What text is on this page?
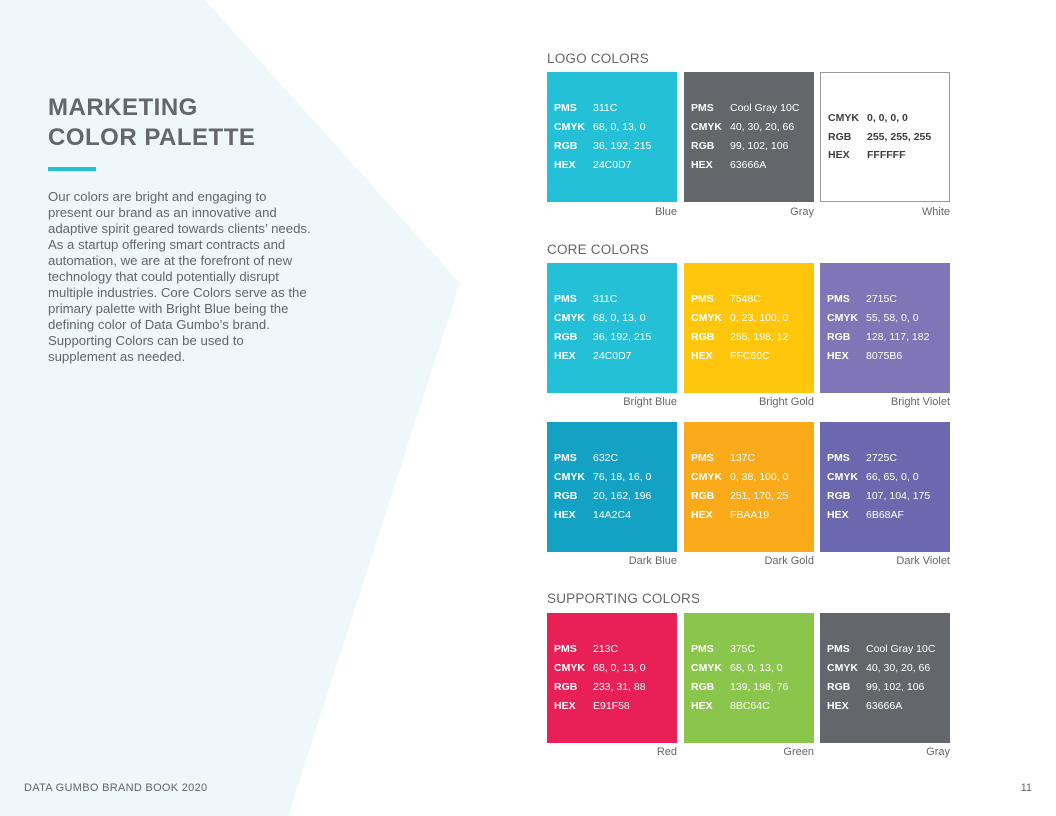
MARKETING
COLOR PALETTE

Our colors are bright and engaging to present our brand as an innovative and adaptive spirit geared towards clients’ needs. As a startup offering smart contracts and automation, we are at the forefront of new technology that could potentially disrupt multiple industries. Core Colors serve as the primary palette with Bright Blue being the defining color of Data Gumbo’s brand. Supporting Colors can be used to supplement as needed.

LOGO COLORS
PMS	311C
CMYK 68, 0, 13, 0
RGB	36, 192, 215
HEX	24C0D7
Blue
PMS	Cool Gray 10C
CMYK 40, 30, 20, 66
RGB	99, 102, 106
HEX	63666A
Gray
CMYK 0, 0, 0, 0
RGB	255, 255, 255
HEX	FFFFFF
White
CORE COLORS
PMS	311C
CMYK 68, 0, 13, 0
RGB	36, 192, 215
HEX	24C0D7
Bright Blue
PMS	7548C
CMYK 0, 23, 100, 0
RGB	255, 198, 12
HEX	FFC60C
Bright Gold
PMS	2715C
CMYK 55, 58, 0, 0
RGB	128, 117, 182
HEX	8075B6
Bright Violet
PMS	632C
CMYK 76, 18, 16, 0
RGB	20, 162, 196
HEX	14A2C4
Dark Blue
PMS	137C
CMYK 0, 38, 100, 0
RGB	251, 170, 25
HEX	FBAA19
Dark Gold
PMS	2725C
CMYK 66, 65, 0, 0
RGB	107, 104, 175
HEX	6B68AF
Dark Violet
SUPPORTING COLORS
PMS	213C
CMYK 68, 0, 13, 0
RGB	233, 31, 88
HEX	E91F58
Red
PMS	375C
CMYK 68, 0, 13, 0
RGB	139, 198, 76
HEX	8BC64C
Green
PMS	Cool Gray 10C
CMYK 40, 30, 20, 66
RGB	99, 102, 106
HEX	63666A
Gray
DATA GUMBO BRAND BOOK 2020	11
